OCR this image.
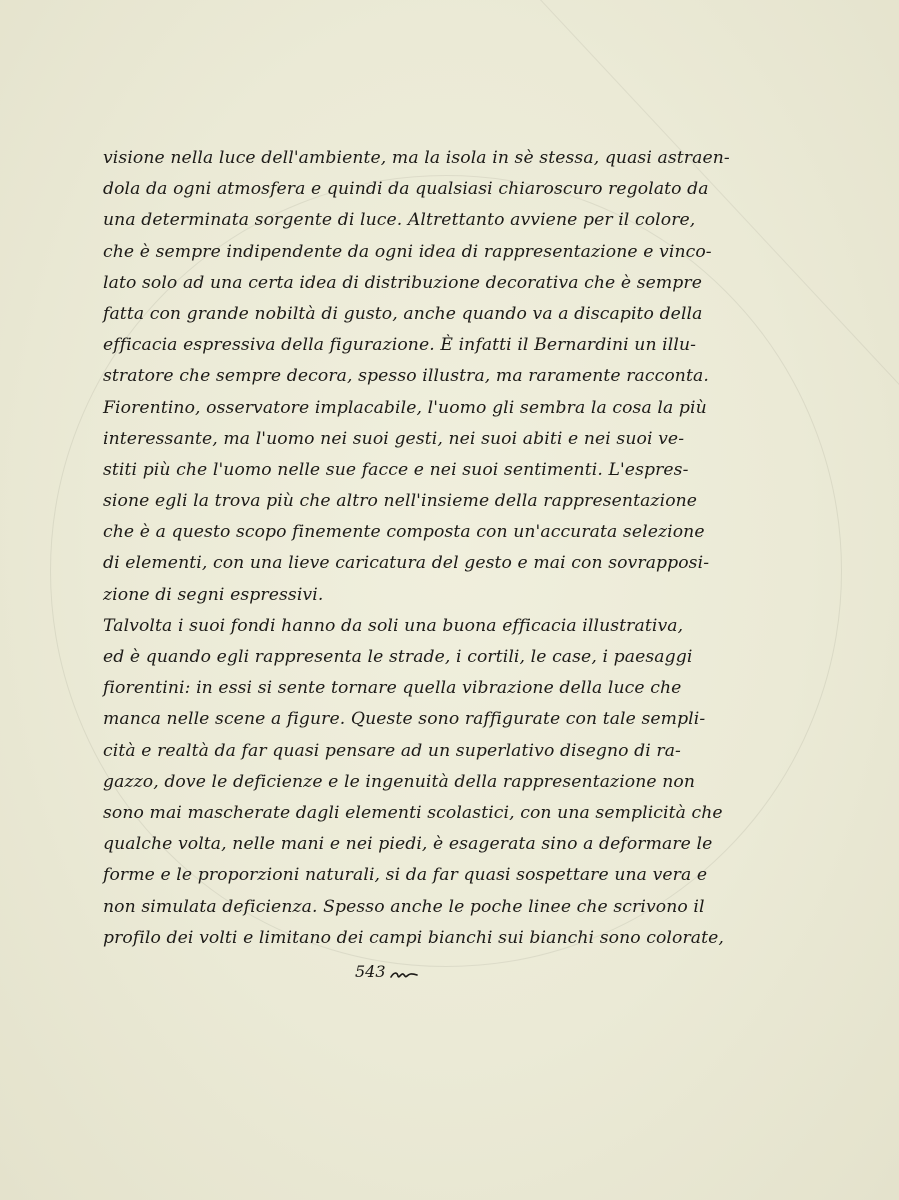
visione nella luce dell'ambiente, ma la isola in sè stessa, quasi astraen-
dola da ogni atmosfera e quindi da qualsiasi chiaroscuro regolato da
una determinata sorgente di luce. Altrettanto avviene per il colore,
che è sempre indipendente da ogni idea di rappresentazione e vinco-
lato solo ad una certa idea di distribuzione decorativa che è sempre
fatta con grande nobiltà di gusto, anche quando va a discapito della
efficacia espressiva della figurazione. È infatti il Bernardini un illu-
stratore che sempre decora, spesso illustra, ma raramente racconta.
Fiorentino, osservatore implacabile, l'uomo gli sembra la cosa la più
interessante, ma l'uomo nei suoi gesti, nei suoi abiti e nei suoi ve-
stiti più che l'uomo nelle sue facce e nei suoi sentimenti. L'espres-
sione egli la trova più che altro nell'insieme della rappresentazione
che è a questo scopo finemente composta con un'accurata selezione
di elementi, con una lieve caricatura del gesto e mai con sovrapposi-
zione di segni espressivi.
Talvolta i suoi fondi hanno da soli una buona efficacia illustrativa,
ed è quando egli rappresenta le strade, i cortili, le case, i paesaggi
fiorentini: in essi si sente tornare quella vibrazione della luce che
manca nelle scene a figure. Queste sono raffigurate con tale sempli-
cità e realtà da far quasi pensare ad un superlativo disegno di ra-
gazzo, dove le deficienze e le ingenuità della rappresentazione non
sono mai mascherate dagli elementi scolastici, con una semplicità che
qualche volta, nelle mani e nei piedi, è esagerata sino a deformare le
forme e le proporzioni naturali, si da far quasi sospettare una vera e
non simulata deficienza. Spesso anche le poche linee che scrivono il
profilo dei volti e limitano dei campi bianchi sui bianchi sono colorate,
543
